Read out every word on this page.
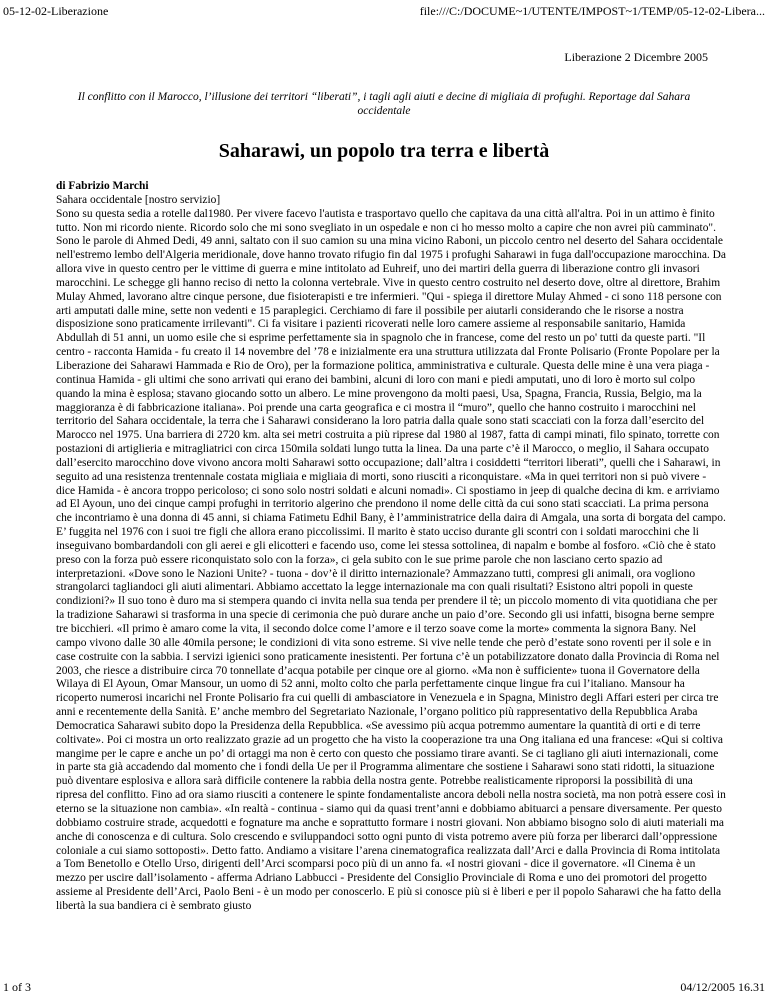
05-12-02-Liberazione	file:///C:/DOCUME~1/UTENTE/IMPOST~1/TEMP/05-12-02-Libera...
Liberazione 2 Dicembre 2005
Il conflitto con il Marocco, l’illusione dei territori “liberati”, i tagli agli aiuti e decine di migliaia di profughi. Reportage dal Sahara occidentale
Saharawi, un popolo tra terra e libertà
di Fabrizio Marchi
Sahara occidentale [nostro servizio]
Sono su questa sedia a rotelle dal1980. Per vivere facevo l'autista e trasportavo quello che capitava da una città all'altra. Poi in un attimo è finito tutto. Non mi ricordo niente. Ricordo solo che mi sono svegliato in un ospedale e non ci ho messo molto a capire che non avrei più camminato". Sono le parole di Ahmed Dedi, 49 anni, saltato con il suo camion su una mina vicino Raboni, un piccolo centro nel deserto del Sahara occidentale nell'estremo lembo dell'Algeria meridionale, dove hanno trovato rifugio fin dal 1975 i profughi Saharawi in fuga dall'occupazione marocchina. Da allora vive in questo centro per le vittime di guerra e mine intitolato ad Euhreif, uno dei martiri della guerra di liberazione contro gli invasori marocchini. Le schegge gli hanno reciso di netto la colonna vertebrale. Vive in questo centro costruito nel deserto dove, oltre al direttore, Brahim Mulay Ahmed, lavorano altre cinque persone, due fisioterapisti e tre infermieri. "Qui - spiega il direttore Mulay Ahmed - ci sono 118 persone con arti amputati dalle mine, sette non vedenti e 15 paraplegici. Cerchiamo di fare il possibile per aiutarli considerando che le risorse a nostra disposizione sono praticamente irrilevanti". Ci fa visitare i pazienti ricoverati nelle loro camere assieme al responsabile sanitario, Hamida Abdullah di 51 anni, un uomo esile che si esprime perfettamente sia in spagnolo che in francese, come del resto un po' tutti da queste parti. "Il centro - racconta Hamida - fu creato il 14 novembre del ’78 e inizialmente era una struttura utilizzata dal Fronte Polisario (Fronte Popolare per la Liberazione dei Saharawi Hammada e Rio de Oro), per la formazione politica, amministrativa e culturale. Questa delle mine è una vera piaga - continua Hamida - gli ultimi che sono arrivati qui erano dei bambini, alcuni di loro con mani e piedi amputati, uno di loro è morto sul colpo quando la mina è esplosa; stavano giocando sotto un albero. Le mine provengono da molti paesi, Usa, Spagna, Francia, Russia, Belgio, ma la maggioranza è di fabbricazione italiana». Poi prende una carta geografica e ci mostra il “muro”, quello che hanno costruito i marocchini nel territorio del Sahara occidentale, la terra che i Saharawi considerano la loro patria dalla quale sono stati scacciati con la forza dall’esercito del Marocco nel 1975. Una barriera di 2720 km. alta sei metri costruita a più riprese dal 1980 al 1987, fatta di campi minati, filo spinato, torrette con postazioni di artiglieria e mitragliatrici con circa 150mila soldati lungo tutta la linea. Da una parte c’è il Marocco, o meglio, il Sahara occupato dall’esercito marocchino dove vivono ancora molti Saharawi sotto occupazione; dall’altra i cosiddetti “territori liberati”, quelli che i Saharawi, in seguito ad una resistenza trentennale costata migliaia e migliaia di morti, sono riusciti a riconquistare. «Ma in quei territori non si può vivere - dice Hamida - è ancora troppo pericoloso; ci sono solo nostri soldati e alcuni nomadi». Ci spostiamo in jeep di qualche decina di km. e arriviamo ad El Ayoun, uno dei cinque campi profughi in territorio algerino che prendono il nome delle città da cui sono stati scacciati. La prima persona che incontriamo è una donna di 45 anni, si chiama Fatimetu Edhil Bany, è l’amministratrice della daira di Amgala, una sorta di borgata del campo. E’ fuggita nel 1976 con i suoi tre figli che allora erano piccolissimi. Il marito è stato ucciso durante gli scontri con i soldati marocchini che li inseguivano bombardandoli con gli aerei e gli elicotteri e facendo uso, come lei stessa sottolinea, di napalm e bombe al fosforo. «Ciò che è stato preso con la forza può essere riconquistato solo con la forza», ci gela subito con le sue prime parole che non lasciano certo spazio ad interpretazioni. «Dove sono le Nazioni Unite? - tuona - dov’è il diritto internazionale? Ammazzano tutti, compresi gli animali, ora vogliono strangolarci tagliandoci gli aiuti alimentari. Abbiamo accettato la legge internazionale ma con quali risultati? Esistono altri popoli in queste condizioni?» Il suo tono è duro ma si stempera quando ci invita nella sua tenda per prendere il tè; un piccolo momento di vita quotidiana che per la tradizione Saharawi si trasforma in una specie di cerimonia che può durare anche un paio d’ore. Secondo gli usi infatti, bisogna berne sempre tre bicchieri. «Il primo è amaro come la vita, il secondo dolce come l’amore e il terzo soave come la morte» commenta la signora Bany. Nel campo vivono dalle 30 alle 40mila persone; le condizioni di vita sono estreme. Si vive nelle tende che però d’estate sono roventi per il sole e in case costruite con la sabbia. I servizi igienici sono praticamente inesistenti. Per fortuna c’è un potabilizzatore donato dalla Provincia di Roma nel 2003, che riesce a distribuire circa 70 tonnellate d’acqua potabile per cinque ore al giorno. «Ma non è sufficiente» tuona il Governatore della Wilaya di El Ayoun, Omar Mansour, un uomo di 52 anni, molto colto che parla perfettamente cinque lingue fra cui l’italiano. Mansour ha ricoperto numerosi incarichi nel Fronte Polisario fra cui quelli di ambasciatore in Venezuela e in Spagna, Ministro degli Affari esteri per circa tre anni e recentemente della Sanità. E’ anche membro del Segretariato Nazionale, l’organo politico più rappresentativo della Repubblica Araba Democratica Saharawi subito dopo la Presidenza della Repubblica. «Se avessimo più acqua potremmo aumentare la quantità di orti e di terre coltivate». Poi ci mostra un orto realizzato grazie ad un progetto che ha visto la cooperazione tra una Ong italiana ed una francese: «Qui si coltiva mangime per le capre e anche un po’ di ortaggi ma non è certo con questo che possiamo tirare avanti. Se ci tagliano gli aiuti internazionali, come in parte sta già accadendo dal momento che i fondi della Ue per il Programma alimentare che sostiene i Saharawi sono stati ridotti, la situazione può diventare esplosiva e allora sarà difficile contenere la rabbia della nostra gente. Potrebbe realisticamente riproporsi la possibilità di una ripresa del conflitto. Fino ad ora siamo riusciti a contenere le spinte fondamentaliste ancora deboli nella nostra società, ma non potrà essere così in eterno se la situazione non cambia». «In realtà - continua - siamo qui da quasi trent’anni e dobbiamo abituarci a pensare diversamente. Per questo dobbiamo costruire strade, acquedotti e fognature ma anche e soprattutto formare i nostri giovani. Non abbiamo bisogno solo di aiuti materiali ma anche di conoscenza e di cultura. Solo crescendo e sviluppandoci sotto ogni punto di vista potremo avere più forza per liberarci dall’oppressione coloniale a cui siamo sottoposti». Detto fatto. Andiamo a visitare l’arena cinematografica realizzata dall’Arci e dalla Provincia di Roma intitolata a Tom Benetollo e Otello Urso, dirigenti dell’Arci scomparsi poco più di un anno fa. «I nostri giovani - dice il governatore. «Il Cinema è un mezzo per uscire dall’isolamento - afferma Adriano Labbucci - Presidente del Consiglio Provinciale di Roma e uno dei promotori del progetto assieme al Presidente dell’Arci, Paolo Beni - è un modo per conoscerlo. E più si conosce più si è liberi e per il popolo Saharawi che ha fatto della libertà la sua bandiera ci è sembrato giusto
1 of 3	04/12/2005 16.31
